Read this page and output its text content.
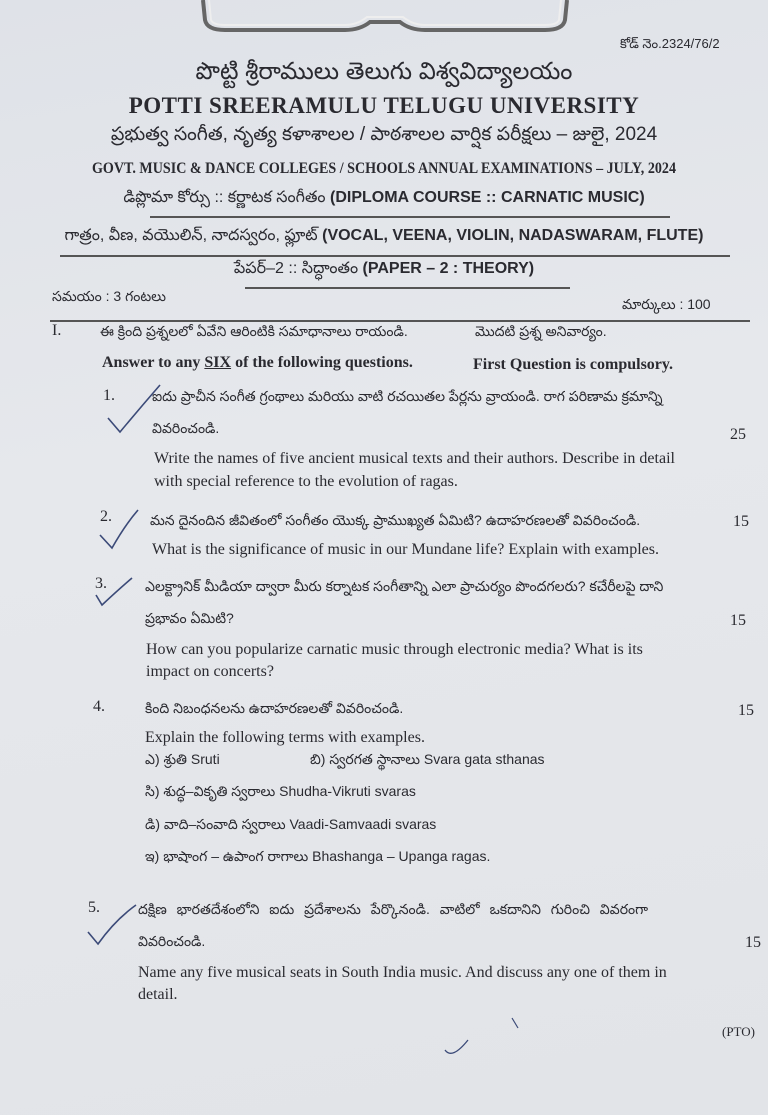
కోడ్ నెం.2324/76/2
పొట్టి శ్రీరాములు తెలుగు విశ్వవిద్యాలయం
POTTI SREERAMULU TELUGU UNIVERSITY
ప్రభుత్వ సంగీత, నృత్య కళాశాలల / పాఠశాలల వార్షిక పరీక్షలు – జులై, 2024
GOVT. MUSIC & DANCE COLLEGES / SCHOOLS ANNUAL EXAMINATIONS – JULY, 2024
డిప్లొమా కోర్సు :: కర్ణాటక సంగీతం (DIPLOMA COURSE :: CARNATIC MUSIC)
గాత్రం, వీణ, వయొలిన్, నాదస్వరం, ఫ్లూట్ (VOCAL, VEENA, VIOLIN, NADASWARAM, FLUTE)
పేపర్–2 :: సిద్ధాంతం (PAPER – 2 : THEORY)
సమయం : 3 గంటలు	మార్కులు : 100
I.	ఈ క్రింది ప్రశ్నలలో ఏవేని ఆరింటికి సమాధానాలు రాయండి.	మొదటి ప్రశ్న అనివార్యం.
Answer to any SIX of the following questions.	First Question is compulsory.
1.	ఐదు ప్రాచీన సంగీత గ్రంథాలు మరియు వాటి రచయితల పేర్లను వ్రాయండి. రాగ పరిణామ క్రమాన్ని
వివరించండి.	25
Write the names of five ancient musical texts and their authors. Describe in detail
with special reference to the evolution of ragas.
2.	మన దైనందిన జీవితంలో సంగీతం యొక్క ప్రాముఖ్యత ఏమిటి? ఉదాహరణలతో వివరించండి.	15
What is the significance of music in our Mundane life? Explain with examples.
3.	ఎలక్ట్రానిక్ మీడియా ద్వారా మీరు కర్నాటక సంగీతాన్ని ఎలా ప్రాచుర్యం పొందగలరు? కచేరీలపై దాని
ప్రభావం ఏమిటి?	15
How can you popularize carnatic music through electronic media? What is its
impact on concerts?
4.	కింది నిబంధనలను ఉదాహరణలతో వివరించండి.	15
Explain the following terms with examples.
ఎ) శ్రుతి Sruti	బి) స్వరగత స్థానాలు Svara gata sthanas
సి) శుద్ధ–వికృతి స్వరాలు Shudha-Vikruti svaras
డి) వాది–సంవాది స్వరాలు Vaadi-Samvaadi svaras
ఇ) భాషాంగ – ఉపాంగ రాగాలు Bhashanga – Upanga ragas.
5.	దక్షిణ భారతదేశంలోని ఐదు ప్రదేశాలను పేర్కొనండి. వాటిలో ఒకదానిని గురించి వివరంగా
వివరించండి.	15
Name any five musical seats in South India music. And discuss any one of them in
detail.
(PTO)
